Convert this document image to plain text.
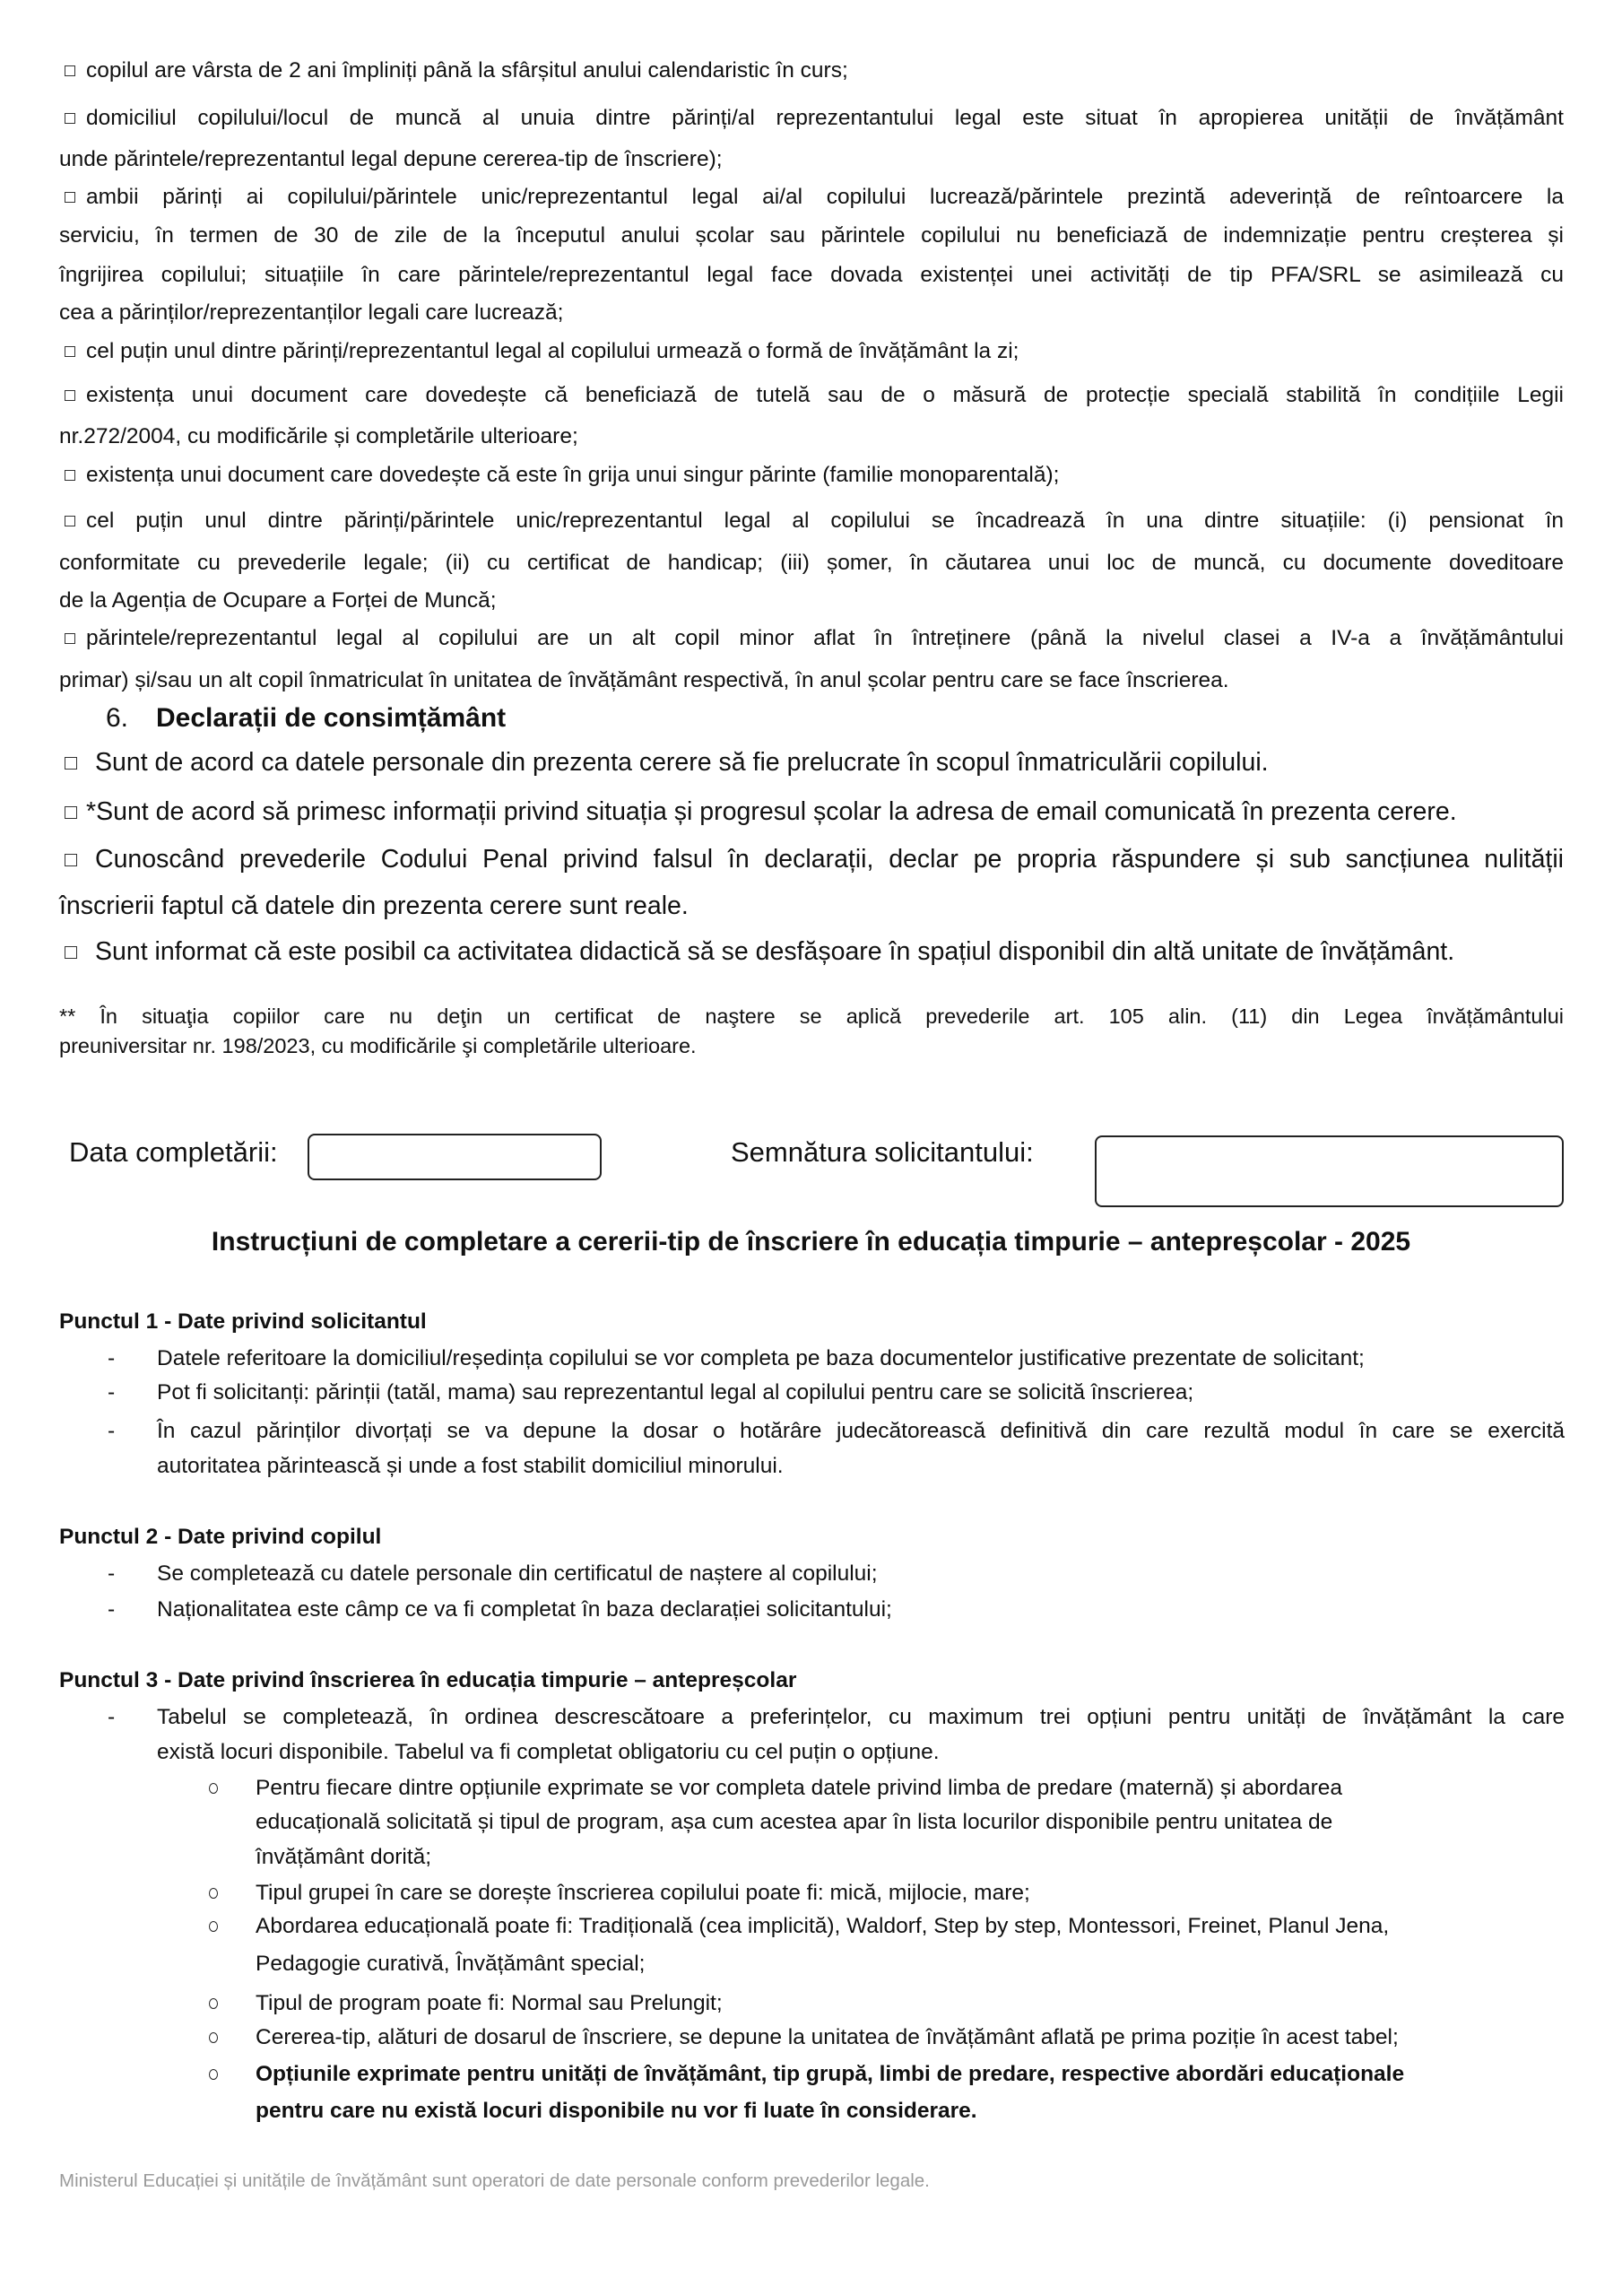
copilul are vârsta de 2 ani împliniți până la sfârșitul anului calendaristic în curs;
domiciliul copilului/locul de muncă al unuia dintre părinți/al reprezentantului legal este situat în apropierea unității de învățământ
unde părintele/reprezentantul legal depune cererea-tip de înscriere);
ambii părinți ai copilului/părintele unic/reprezentantul legal ai/al copilului lucrează/părintele prezintă adeverință de reîntoarcere la
serviciu, în termen de 30 de zile de la începutul anului școlar sau părintele copilului nu beneficiază de indemnizație pentru creșterea și
îngrijirea copilului; situațiile în care părintele/reprezentantul legal face dovada existenței unei activități de tip PFA/SRL se asimilează cu
cea a părinților/reprezentanților legali care lucrează;
cel puțin unul dintre părinți/reprezentantul legal al copilului urmează o formă de învățământ la zi;
existența unui document care dovedește că beneficiază de tutelă sau de o măsură de protecție specială stabilită în condițiile Legii
nr.272/2004, cu modificările și completările ulterioare;
existența unui document care dovedește că este în grija unui singur părinte (familie monoparentală);
cel puțin unul dintre părinți/părintele unic/reprezentantul legal al copilului se încadrează în una dintre situațiile: (i) pensionat în
conformitate cu prevederile legale; (ii) cu certificat de handicap; (iii) șomer, în căutarea unui loc de muncă, cu documente doveditoare
de la Agenția de Ocupare a Forței de Muncă;
părintele/reprezentantul legal al copilului are un alt copil minor aflat în întreținere (până la nivelul clasei a IV-a a învățământului
primar) și/sau un alt copil înmatriculat în unitatea de învățământ respectivă, în anul școlar pentru care se face înscrierea.
6. Declarații de consimțământ
Sunt de acord ca datele personale din prezenta cerere să fie prelucrate în scopul înmatriculării copilului.
*Sunt de acord să primesc informații privind situația și progresul școlar la adresa de email comunicată în prezenta cerere.
Cunoscând prevederile Codului Penal privind falsul în declarații, declar pe propria răspundere și sub sancțiunea nulității
înscrierii faptul că datele din prezenta cerere sunt reale.
Sunt informat că este posibil ca activitatea didactică să se desfășoare în spațiul disponibil din altă unitate de învățământ.
** În situaţia copiilor care nu deţin un certificat de naştere se aplică prevederile art. 105 alin. (11) din Legea învățământului
preuniversitar nr. 198/2023, cu modificările şi completările ulterioare.
Data completării:	Semnătura solicitantului:
Instrucțiuni de completare a cererii-tip de înscriere în educația timpurie – antepreșcolar - 2025
Punctul 1 - Date privind solicitantul
- Datele referitoare la domiciliul/reședința copilului se vor completa pe baza documentelor justificative prezentate de solicitant;
- Pot fi solicitanți: părinții (tatăl, mama) sau reprezentantul legal al copilului pentru care se solicită înscrierea;
- În cazul părinților divorțați se va depune la dosar o hotărâre judecătorească definitivă din care rezultă modul în care se exercită
autoritatea părintească și unde a fost stabilit domiciliul minorului.
Punctul 2 - Date privind copilul
- Se completează cu datele personale din certificatul de naștere al copilului;
- Naționalitatea este câmp ce va fi completat în baza declarației solicitantului;
Punctul 3 - Date privind înscrierea în educația timpurie – antepreșcolar
- Tabelul se completează, în ordinea descrescătoare a preferințelor, cu maximum trei opțiuni pentru unități de învățământ la care
există locuri disponibile. Tabelul va fi completat obligatoriu cu cel puțin o opțiune.
Pentru fiecare dintre opțiunile exprimate se vor completa datele privind limba de predare (maternă) și abordarea
educațională solicitată și tipul de program, așa cum acestea apar în lista locurilor disponibile pentru unitatea de
învățământ dorită;
Tipul grupei în care se dorește înscrierea copilului poate fi: mică, mijlocie, mare;
Abordarea educațională poate fi: Tradițională (cea implicită), Waldorf, Step by step, Montessori, Freinet, Planul Jena,
Pedagogie curativă, Învățământ special;
Tipul de program poate fi: Normal sau Prelungit;
Cererea-tip, alături de dosarul de înscriere, se depune la unitatea de învățământ aflată pe prima poziție în acest tabel;
Opțiunile exprimate pentru unități de învățământ, tip grupă, limbi de predare, respective abordări educaționale
pentru care nu există locuri disponibile nu vor fi luate în considerare.
Ministerul Educației și unitățile de învățământ sunt operatori de date personale conform prevederilor legale.
